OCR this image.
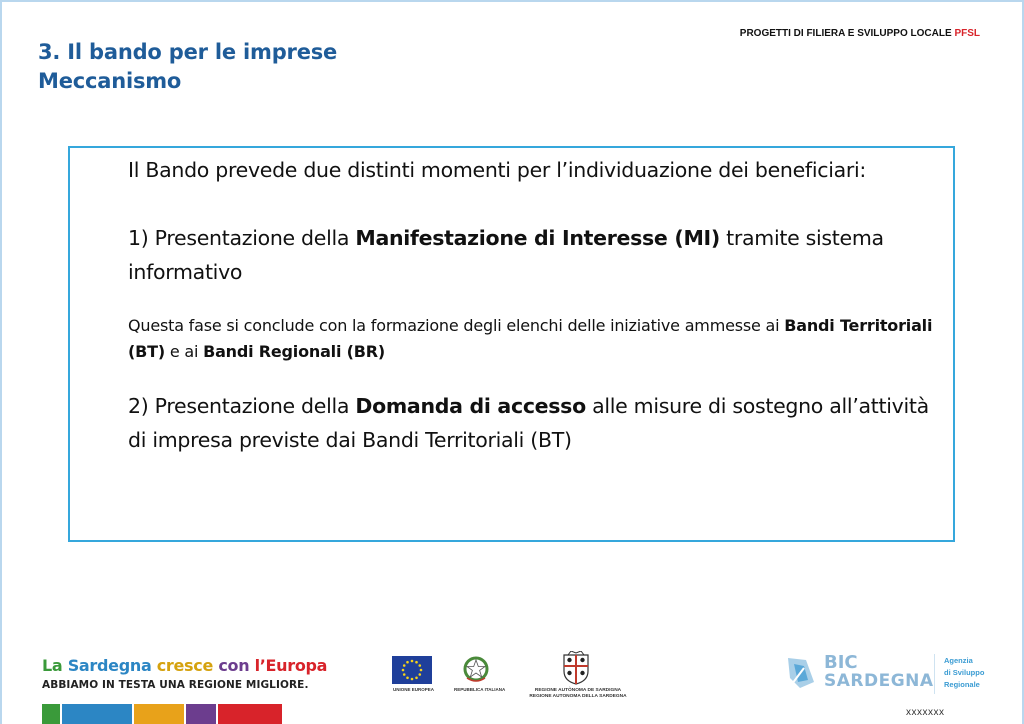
3. Il bando per le imprese
Meccanismo
PROGETTI DI FILIERA E SVILUPPO LOCALE PFSL

Il Bando prevede due distinti momenti per l’individuazione dei beneficiari:

1) Presentazione della Manifestazione di Interesse (MI) tramite sistema informativo

Questa fase si conclude con la formazione degli elenchi delle iniziative ammesse ai Bandi Territoriali (BT) e ai Bandi Regionali (BR)

2) Presentazione della Domanda di accesso alle misure di sostegno all’attività di impresa previste dai Bandi Territoriali (BT)

La Sardegna cresce con l’Europa
ABBIAMO IN TESTA UNA REGIONE MIGLIORE.	UNIONE EUROPEA	REPUBBLICA ITALIANA	REGIONE AUTÒNOMA DE SARDIGNA
REGIONE AUTONOMA DELLA SARDEGNA
BIC
SARDEGNA
Agenzia
di Sviluppo
Regionale
xxxxxxx
